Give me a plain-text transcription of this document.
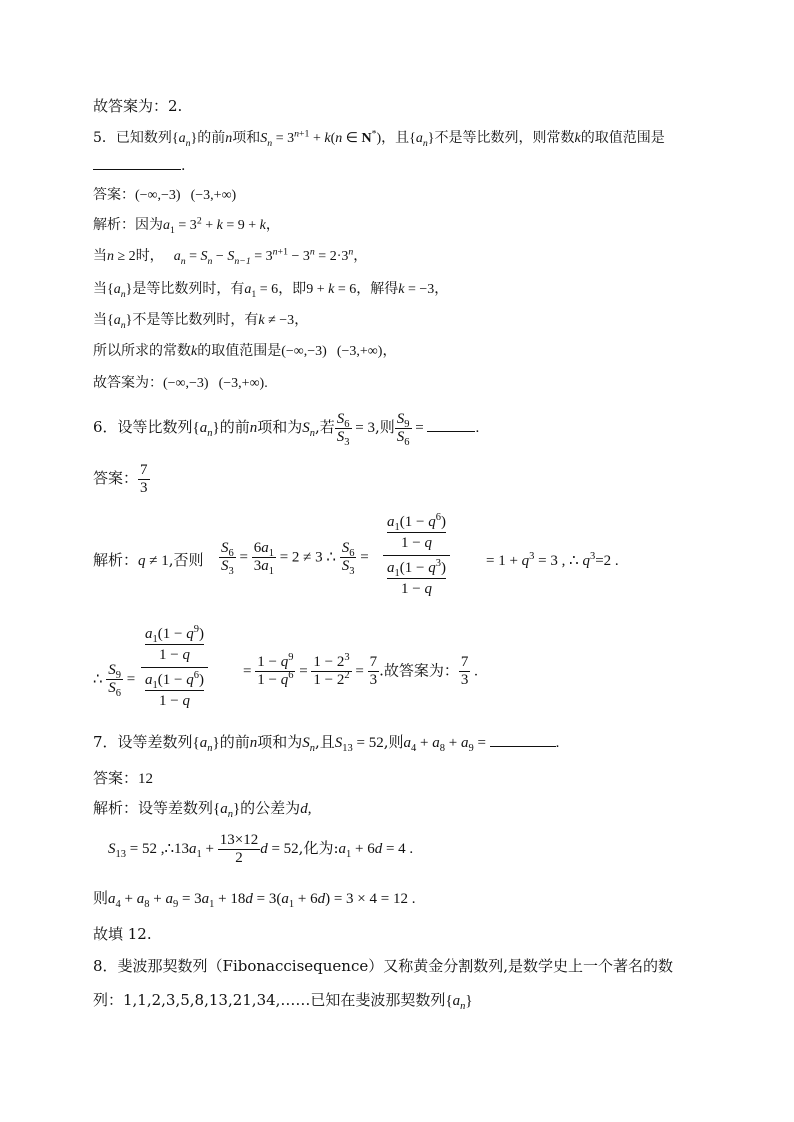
故答案为：2.
5．已知数列$\{a_n\}$的前n项和$S_n = 3^{n+1} + k(n$ ∈ N*)，且$\{a_n\}$不是等比数列，则常数k的取值范围是
.
答案：(−∞,−3) (−3,+∞)
解析：因为$a_1 = 3^2 + k = 9 + k$，
当n ≥ 2时， $a_n = S_n - S_{n-1} = 3^{n+1} - 3^n = 2\cdot 3^n$，
当$\{a_n\}$是等比数列时，有$a_1 = 6$，即9 + k = 6，解得k = −3，
当$\{a_n\}$不是等比数列时，有k ≠ −3，
所以所求的常数k的取值范围是(−∞,−3) (−3,+∞)，
故答案为：(−∞,−3) (−3,+∞).
6．设等比数列$\{a_n\}$的前n项和为$S_n$,若 $\frac{S_6}{S_3} = 3$,则 $\frac{S_9}{S_6}$ =	.
答案： $\frac{7}{3}$
解析：q ≠ 1,否则 $\frac{S_6}{S_3} = \frac{6a_1}{3a_1} = 2 \ne 3$ ∴ $\frac{S_6}{S_3}$ =
$a_1(1 - q^6)$
1 − q
$a_1(1 - q^3)$
1 − q
= $1 + q^3 = 3$ , ∴ $q^3=2$ .
∴ $\frac{S_9}{S_6}$ =
$a_1(1 - q^9)$
1 − q
$a_1(1 - q^6)$
1 − q
= $\frac{1 - q^9}{1 - q^6} = \frac{1 - 2^3}{1 - 2^2} = \frac{7}{3}$ .故答案为： $\frac{7}{3}$ .
7．设等差数列$\{a_n\}$的前n项和为$S_n$,且$S_{13} = 52$,则$a_4 + a_8 + a_9$ =	.
答案：12
解析：设等差数列$\{a_n\}$的公差为d,
$S_{13} = 52$ $,\therefore 13a_1 + \frac{13\times 12}{2}$ d = 52,化为$:a_1 + 6d = 4$ .
则$a_4 + a_8 + a_9 = 3a_1 + 18d = 3(a_1 + 6d) = 3 \times 4 = 12$ .
故填 12.
8．斐波那契数列（Fibonaccisequence）又称黄金分割数列,是数学史上一个著名的数
列：1,1,2,3,5,8,13,21,34,……已知在斐波那契数列$\{a_n\}$
